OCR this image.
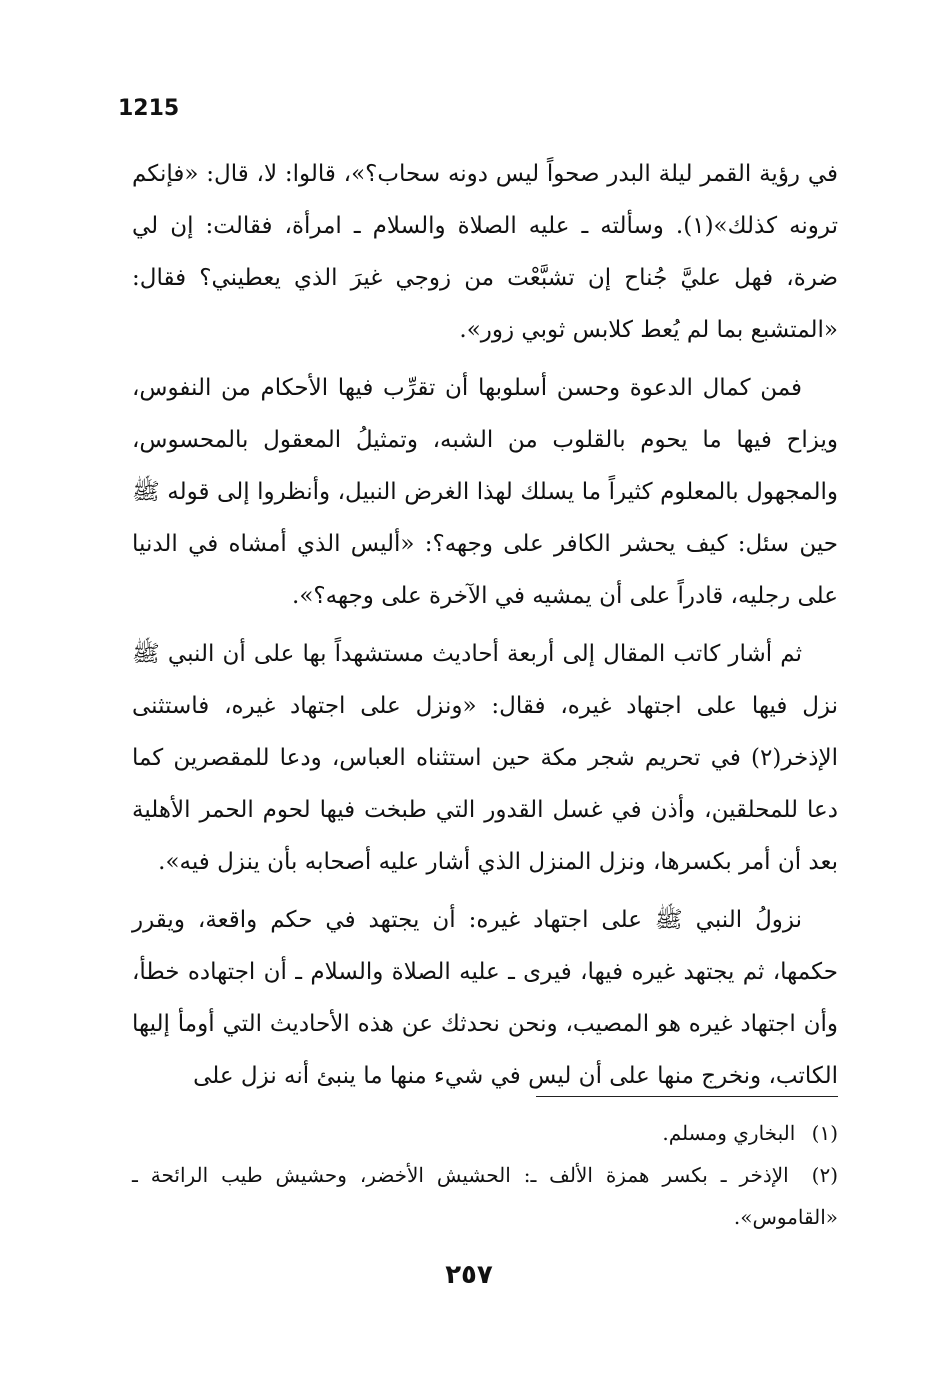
1215

في رؤية القمر ليلة البدر صحواً ليس دونه سحاب؟»، قالوا: لا، قال: «فإنكم ترونه كذلك»(١). وسألته ـ عليه الصلاة والسلام ـ امرأة، فقالت: إن لي ضرة، فهل عليَّ جُناح إن تشبَّعْت من زوجي غيرَ الذي يعطيني؟ فقال: «المتشبع بما لم يُعط كلابس ثوبي زور».

فمن كمال الدعوة وحسن أسلوبها أن تقرِّب فيها الأحكام من النفوس، ويزاح فيها ما يحوم بالقلوب من الشبه، وتمثيلُ المعقول بالمحسوس، والمجهول بالمعلوم كثيراً ما يسلك لهذا الغرض النبيل، وأنظروا إلى قوله ﷺ حين سئل: كيف يحشر الكافر على وجهه؟: «أليس الذي أمشاه في الدنيا على رجليه، قادراً على أن يمشيه في الآخرة على وجهه؟».

ثم أشار كاتب المقال إلى أربعة أحاديث مستشهداً بها على أن النبي ﷺ نزل فيها على اجتهاد غيره، فقال: «ونزل على اجتهاد غيره، فاستثنى الإذخر(٢) في تحريم شجر مكة حين استثناه العباس، ودعا للمقصرين كما دعا للمحلقين، وأذن في غسل القدور التي طبخت فيها لحوم الحمر الأهلية بعد أن أمر بكسرها، ونزل المنزل الذي أشار عليه أصحابه بأن ينزل فيه».

نزولُ النبي ﷺ على اجتهاد غيره: أن يجتهد في حكم واقعة، ويقرر حكمها، ثم يجتهد غيره فيها، فيرى ـ عليه الصلاة والسلام ـ أن اجتهاده خطأ، وأن اجتهاد غيره هو المصيب، ونحن نحدثك عن هذه الأحاديث التي أومأ إليها الكاتب، ونخرج منها على أن ليس في شيء منها ما ينبئ أنه نزل على

(١) البخاري ومسلم.

(٢) الإذخر ـ بكسر همزة الألف ـ: الحشيش الأخضر، وحشيش طيب الرائحة ـ «القاموس».

٢٥٧
